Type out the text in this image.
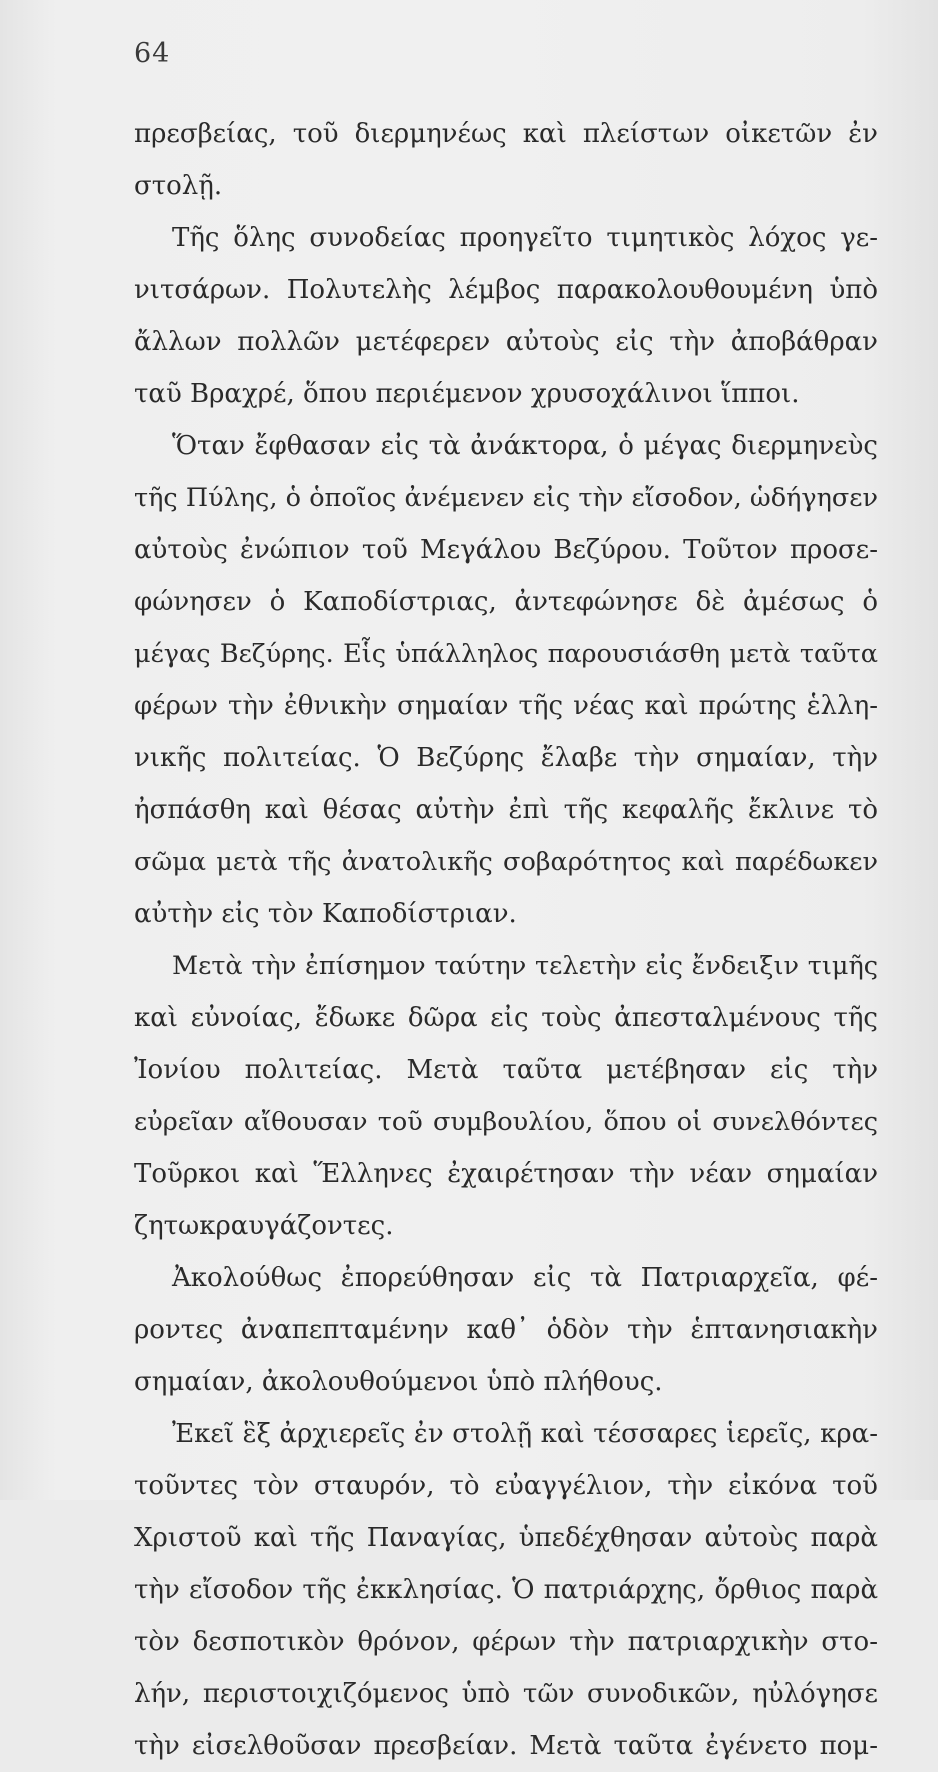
64
πρεσβείας, τοῦ διερμηνέως καὶ πλείστων οἰκετῶν ἐν
στολῇ.
Τῆς ὅλης συνοδείας προηγεῖτο τιμητικὸς λόχος γε-
νιτσάρων. Πολυτελὴς λέμβος παρακολουθουμένη ὑπὸ
ἄλλων πολλῶν μετέφερεν αὐτοὺς εἰς τὴν ἀποβάθραν
ταῦ Βραχρέ, ὅπου περιέμενον χρυσοχάλινοι ἵπποι.
Ὅταν ἔφθασαν εἰς τὰ ἀνάκτορα, ὁ μέγας διερμηνεὺς
τῆς Πύλης, ὁ ὁποῖος ἀνέμενεν εἰς τὴν εἴσοδον, ὡδήγησεν
αὐτοὺς ἐνώπιον τοῦ Μεγάλου Βεζύρου. Τοῦτον προσε-
φώνησεν ὁ Καποδίστριας, ἀντεφώνησε δὲ ἀμέσως ὁ
μέγας Βεζύρης. Εἷς ὑπάλληλος παρουσιάσθη μετὰ ταῦτα
φέρων τὴν ἐθνικὴν σημαίαν τῆς νέας καὶ πρώτης ἑλλη-
νικῆς πολιτείας. Ὁ Βεζύρης ἔλαβε τὴν σημαίαν, τὴν
ἠσπάσθη καὶ θέσας αὐτὴν ἐπὶ τῆς κεφαλῆς ἔκλινε τὸ
σῶμα μετὰ τῆς ἀνατολικῆς σοβαρότητος καὶ παρέδωκεν
αὐτὴν εἰς τὸν Καποδίστριαν.
Μετὰ τὴν ἐπίσημον ταύτην τελετὴν εἰς ἔνδειξιν τιμῆς
καὶ εὐνοίας, ἔδωκε δῶρα εἰς τοὺς ἀπεσταλμένους τῆς
Ἰονίου πολιτείας. Μετὰ ταῦτα μετέβησαν εἰς τὴν
εὐρεῖαν αἴθουσαν τοῦ συμβουλίου, ὅπου οἱ συνελθόντες
Τοῦρκοι καὶ Ἕλληνες ἐχαιρέτησαν τὴν νέαν σημαίαν
ζητωκραυγάζοντες.
Ἀκολούθως ἐπορεύθησαν εἰς τὰ Πατριαρχεῖα, φέ-
ροντες ἀναπεπταμένην καθ᾽ ὁδὸν τὴν ἑπτανησιακὴν
σημαίαν, ἀκολουθούμενοι ὑπὸ πλήθους.
Ἐκεῖ ἓξ ἀρχιερεῖς ἐν στολῇ καὶ τέσσαρες ἱερεῖς, κρα-
τοῦντες τὸν σταυρόν, τὸ εὐαγγέλιον, τὴν εἰκόνα τοῦ
Χριστοῦ καὶ τῆς Παναγίας, ὑπεδέχθησαν αὐτοὺς παρὰ
τὴν εἴσοδον τῆς ἐκκλησίας. Ὁ πατριάρχης, ὄρθιος παρὰ
τὸν δεσποτικὸν θρόνον, φέρων τὴν πατριαρχικὴν στο-
λήν, περιστοιχιζόμενος ὑπὸ τῶν συνοδικῶν, ηὐλόγησε
τὴν εἰσελθοῦσαν πρεσβείαν. Μετὰ ταῦτα ἐγένετο πομ-
